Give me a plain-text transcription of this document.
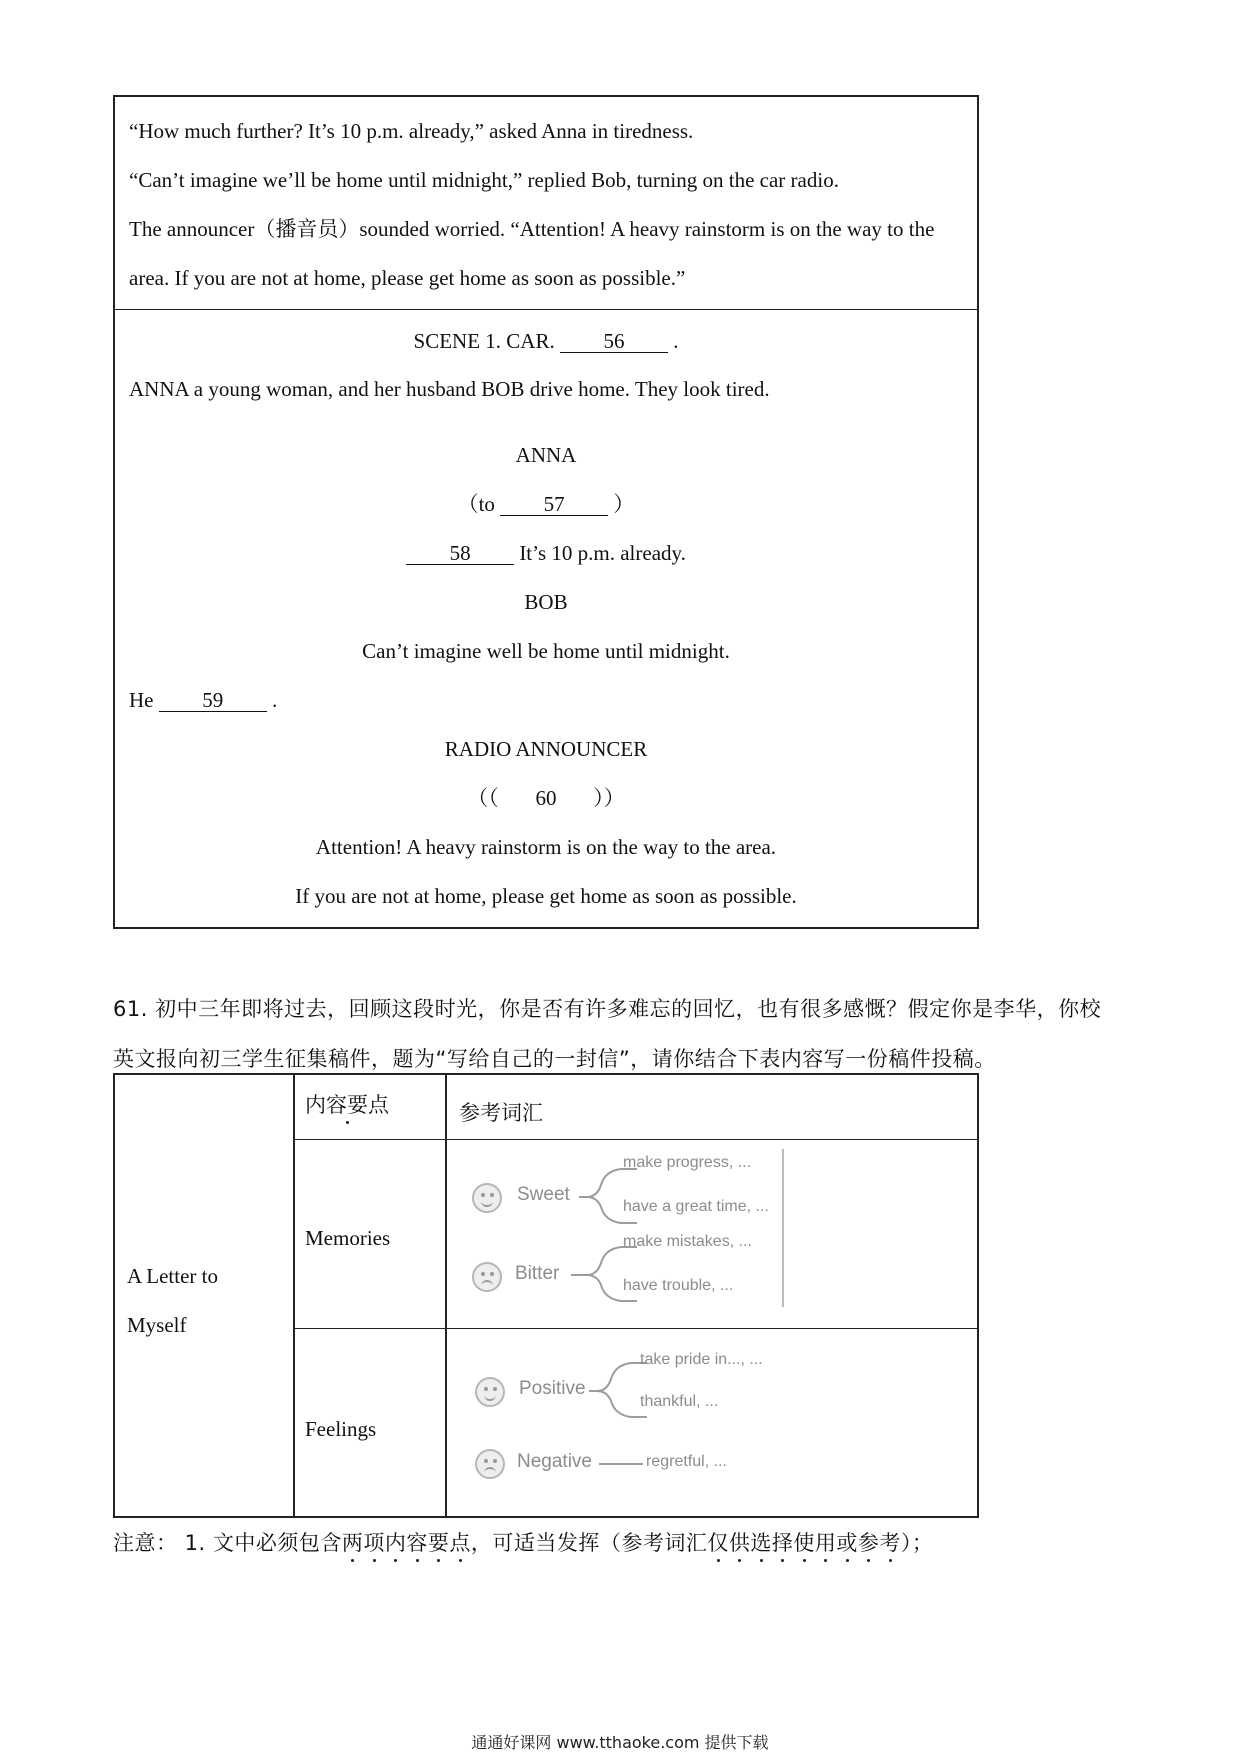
“How much further? It’s 10 p.m. already,” asked Anna in tiredness.

“Can’t imagine we’ll be home until midnight,” replied Bob, turning on the car radio.

The announcer（播音员）sounded worried. “Attention! A heavy rainstorm is on the way to the

area. If you are not at home, please get home as soon as possible.”

SCENE 1. CAR. 56 .
ANNA a young woman, and her husband BOB drive home. They look tired.
ANNA
（to 57 ）
58 It’s 10 p.m. already.
BOB
Can’t imagine well be home until midnight.
He 59 .
RADIO ANNOUNCER
（（       60       ））
Attention! A heavy rainstorm is on the way to the area.
If you are not at home, please get home as soon as possible.
61. 初中三年即将过去，回顾这段时光，你是否有许多难忘的回忆，也有很多感慨？假定你是李华，你校
英文报向初三学生征集稿件，题为“写给自己的一封信”，请你结合下表内容写一份稿件投稿。
A Letter to
Myself
内容要点	参考词汇
Memories
Feelings
Sweet
Bitter
make progress, ...
have a great time, ...
make mistakes, ...
have trouble, ...
Positive
Negative
take pride in..., ...
thankful, ...
regretful, ...
注意： 1. 文中必须包含两项内容要点，可适当发挥（参考词汇仅供选择使用或参考）；
通通好课网 www.tthaoke.com 提供下载
